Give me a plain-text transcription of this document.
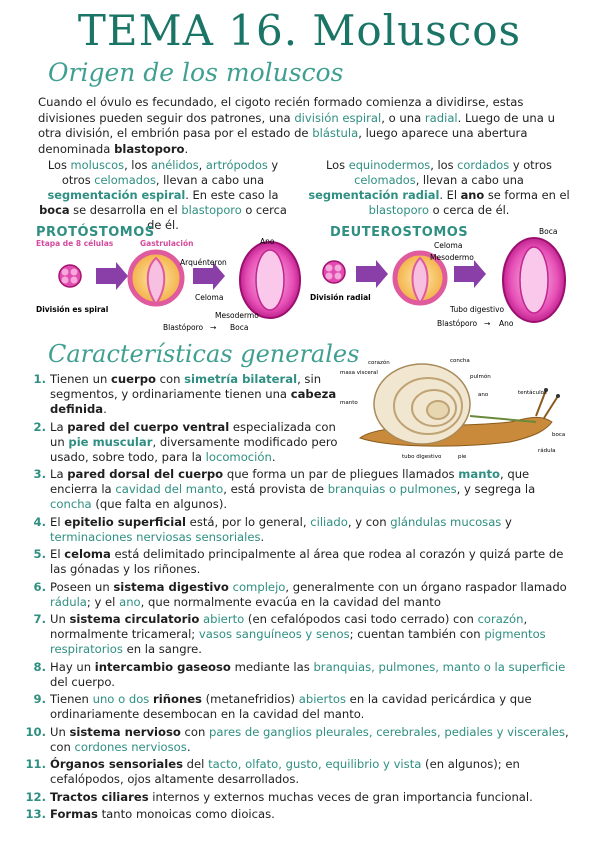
TEMA 16. Moluscos
Origen de los moluscos
Cuando el óvulo es fecundado, el cigoto recién formado comienza a dividirse, estas divisiones pueden seguir dos patrones, una división espiral, o una radial. Luego de una u otra división, el embrión pasa por el estado de blástula, luego aparece una abertura denominada blastoporo.
Los moluscos, los anélidos, artrópodos y otros celomados, llevan a cabo una segmentación espiral. En este caso la boca se desarrolla en el blastoporo o cerca de él.
Los equinodermos, los cordados y otros celomados, llevan a cabo una segmentación radial. El ano se forma en el blastoporo o cerca de él.
PROTÓSTOMOS	DEUTEROSTOMOS
Etapa de 8 células	Gastrulación	Ano
Arquénteron
Celoma
Mesodermo
Blastóporo → Boca
División es spiral
Boca
Celoma
Mesodermo
Tubo digestivo
Blastóporo → Ano
División radial
Características generales corazón
masa visceral
concha
pulmón
manto
ano	tentáculos
boca
rádula
tubo digestivo	pie
1. Tienen un cuerpo con simetría bilateral, sin segmentos, y ordinariamente tienen una cabeza definida.
2. La pared del cuerpo ventral especializada con un pie muscular, diversamente modificado pero usado, sobre todo, para la locomoción.
3. La pared dorsal del cuerpo que forma un par de pliegues llamados manto, que encierra la cavidad del manto, está provista de branquias o pulmones, y segrega la concha (que falta en algunos).
4. El epitelio superficial está, por lo general, ciliado, y con glándulas mucosas y terminaciones nerviosas sensoriales.
5. El celoma está delimitado principalmente al área que rodea al corazón y quizá parte de las gónadas y los riñones.
6. Poseen un sistema digestivo complejo, generalmente con un órgano raspador llamado rádula; y el ano, que normalmente evacúa en la cavidad del manto
7. Un sistema circulatorio abierto (en cefalópodos casi todo cerrado) con corazón, normalmente tricameral; vasos sanguíneos y senos; cuentan también con pigmentos respiratorios en la sangre.
8. Hay un intercambio gaseoso mediante las branquias, pulmones, manto o la superficie del cuerpo.
9. Tienen uno o dos riñones (metanefridios) abiertos en la cavidad pericárdica y que ordinariamente desembocan en la cavidad del manto.
10. Un sistema nervioso con pares de ganglios pleurales, cerebrales, pediales y viscerales, con cordones nerviosos.
11. Órganos sensoriales del tacto, olfato, gusto, equilibrio y vista (en algunos); en cefalópodos, ojos altamente desarrollados.
12. Tractos ciliares internos y externos muchas veces de gran importancia funcional.
13. Formas tanto monoicas como dioicas.
